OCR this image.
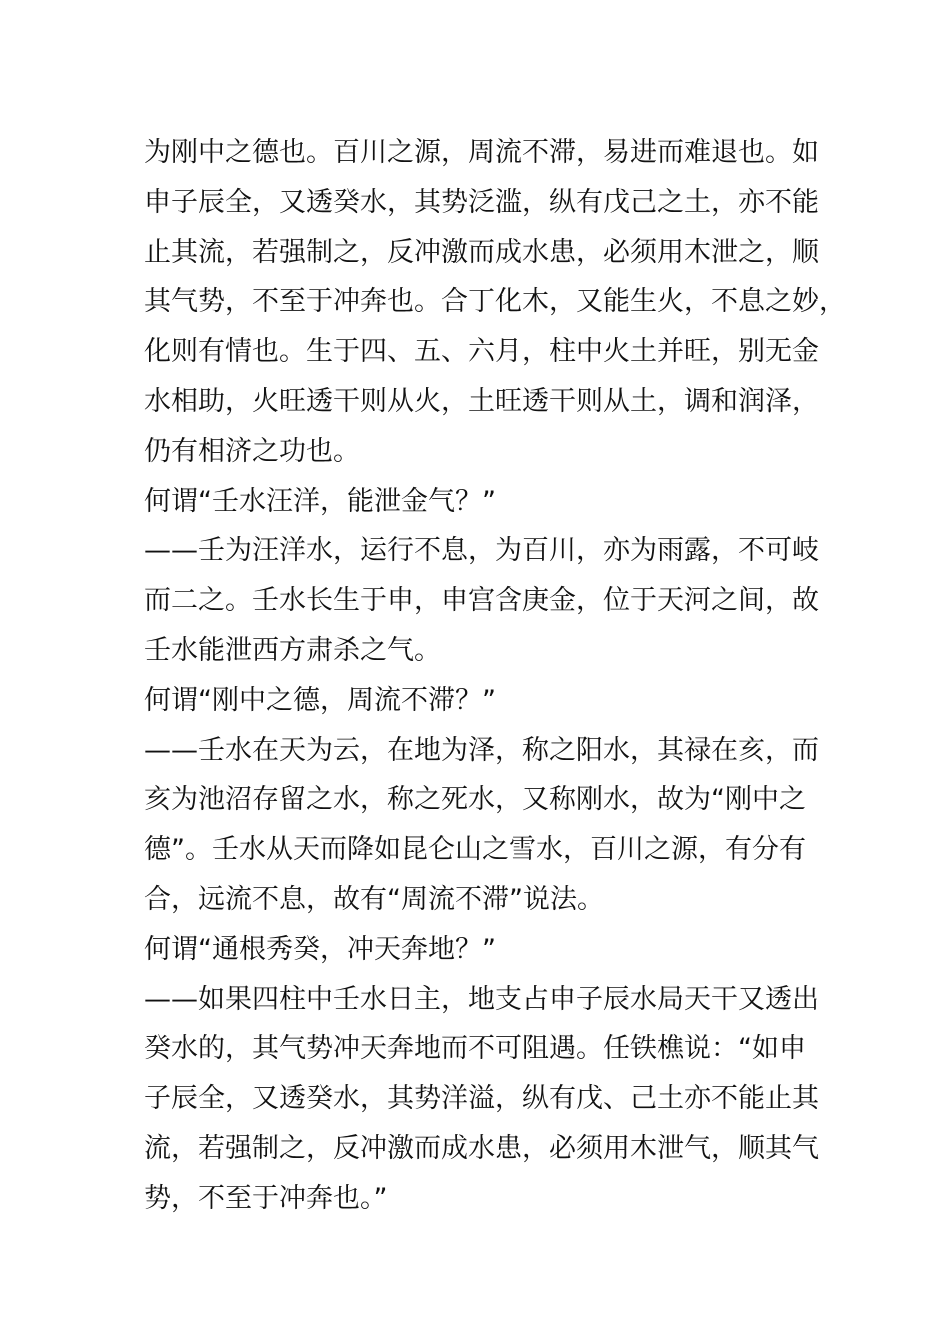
为刚中之德也。百川之源，周流不滞，易进而难退也。如
申子辰全，又透癸水，其势泛滥，纵有戊己之土，亦不能
止其流，若强制之，反冲激而成水患，必须用木泄之，顺
其气势，不至于冲奔也。合丁化木，又能生火，不息之妙，
化则有情也。生于四、五、六月，柱中火土并旺，别无金
水相助，火旺透干则从火，土旺透干则从土，调和润泽，
仍有相济之功也。
何谓“壬水汪洋，能泄金气？”
——壬为汪洋水，运行不息，为百川，亦为雨露，不可岐
而二之。壬水长生于申，申宫含庚金，位于天河之间，故
壬水能泄西方肃杀之气。
何谓“刚中之德，周流不滞？”
——壬水在天为云，在地为泽，称之阳水，其禄在亥，而
亥为池沼存留之水，称之死水，又称刚水，故为“刚中之
德”。壬水从天而降如昆仑山之雪水，百川之源，有分有
合，远流不息，故有“周流不滞”说法。
何谓“通根秀癸，冲天奔地？”
——如果四柱中壬水日主，地支占申子辰水局天干又透出
癸水的，其气势冲天奔地而不可阻遇。任铁樵说：“如申
子辰全，又透癸水，其势洋溢，纵有戊、己土亦不能止其
流，若强制之，反冲激而成水患，必须用木泄气，顺其气
势，不至于冲奔也。”
